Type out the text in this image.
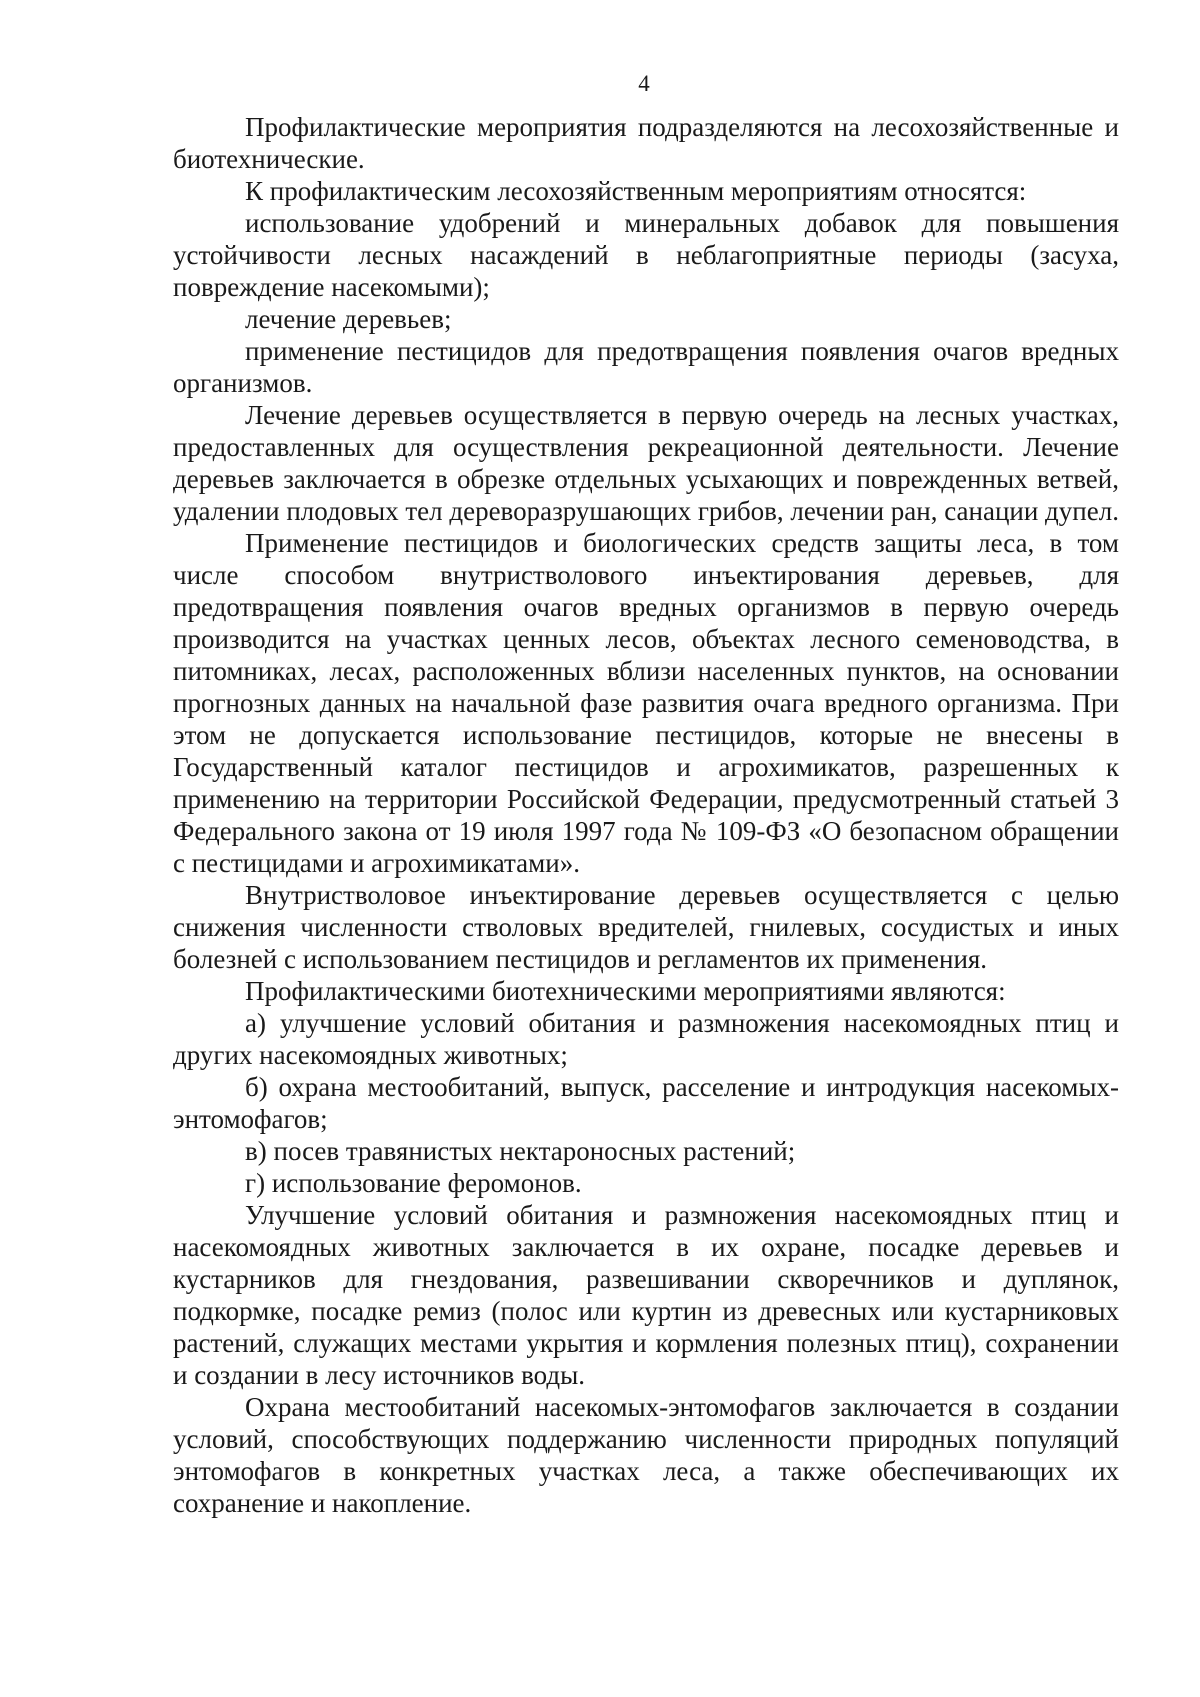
4

Профилактические мероприятия подразделяются на лесохозяйственные и биотехнические.

К профилактическим лесохозяйственным мероприятиям относятся:

использование удобрений и минеральных добавок для повышения устойчивости лесных насаждений в неблагоприятные периоды (засуха, повреждение насекомыми);

лечение деревьев;

применение пестицидов для предотвращения появления очагов вредных организмов.

Лечение деревьев осуществляется в первую очередь на лесных участках, предоставленных для осуществления рекреационной деятельности. Лечение деревьев заключается в обрезке отдельных усыхающих и поврежденных ветвей, удалении плодовых тел дереворазрушающих грибов, лечении ран, санации дупел.

Применение пестицидов и биологических средств защиты леса, в том числе способом внутристволового инъектирования деревьев, для предотвращения появления очагов вредных организмов в первую очередь производится на участках ценных лесов, объектах лесного семеноводства, в питомниках, лесах, расположенных вблизи населенных пунктов, на основании прогнозных данных на начальной фазе развития очага вредного организма. При этом не допускается использование пестицидов, которые не внесены в Государственный каталог пестицидов и агрохимикатов, разрешенных к применению на территории Российской Федерации, предусмотренный статьей 3 Федерального закона от 19 июля 1997 года № 109-ФЗ «О безопасном обращении с пестицидами и агрохимикатами».

Внутристволовое инъектирование деревьев осуществляется с целью снижения численности стволовых вредителей, гнилевых, сосудистых и иных болезней с использованием пестицидов и регламентов их применения.

Профилактическими биотехническими мероприятиями являются:

а) улучшение условий обитания и размножения насекомоядных птиц и других насекомоядных животных;

б) охрана местообитаний, выпуск, расселение и интродукция насекомых-энтомофагов;

в) посев травянистых нектароносных растений;

г) использование феромонов.

Улучшение условий обитания и размножения насекомоядных птиц и насекомоядных животных заключается в их охране, посадке деревьев и кустарников для гнездования, развешивании скворечников и дуплянок, подкормке, посадке ремиз (полос или куртин из древесных или кустарниковых растений, служащих местами укрытия и кормления полезных птиц), сохранении и создании в лесу источников воды.

Охрана местообитаний насекомых-энтомофагов заключается в создании условий, способствующих поддержанию численности природных популяций энтомофагов в конкретных участках леса, а также обеспечивающих их сохранение и накопление.
